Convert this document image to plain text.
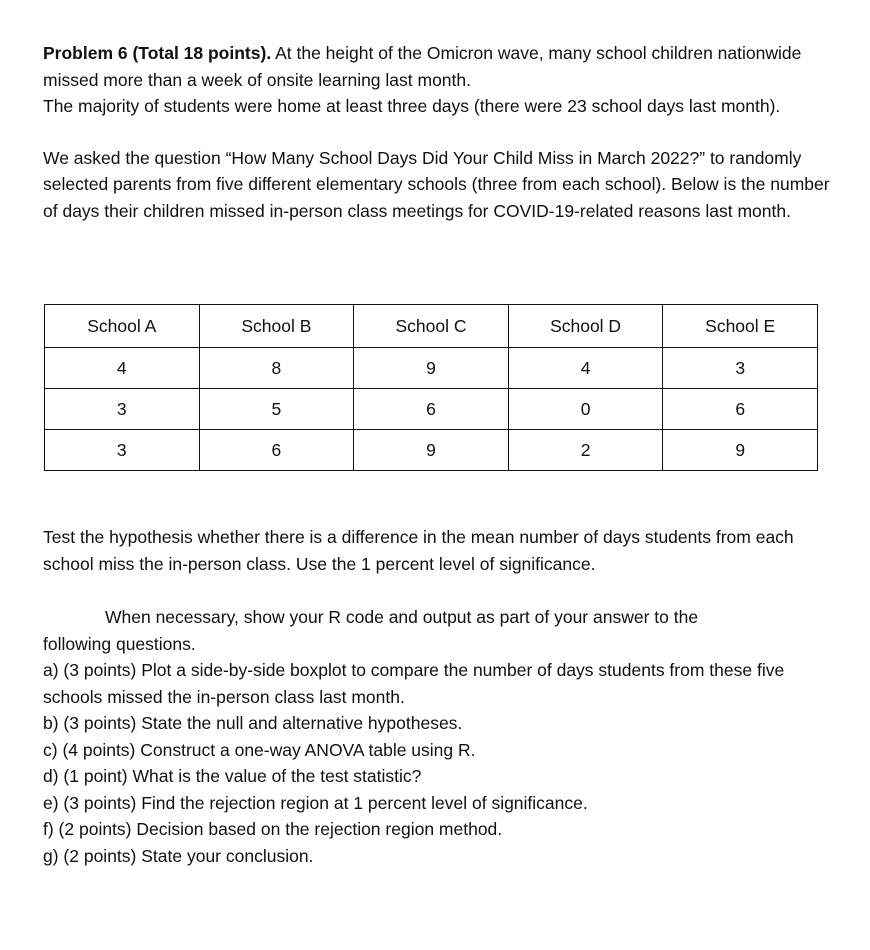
Problem 6 (Total 18 points). At the height of the Omicron wave, many school children nationwide missed more than a week of onsite learning last month.

The majority of students were home at least three days (there were 23 school days last month).

We asked the question “How Many School Days Did Your Child Miss in March 2022?” to randomly selected parents from five different elementary schools (three from each school). Below is the number of days their children missed in-person class meetings for COVID-19-related reasons last month.

School A	School B	School C	School D	School E
4	8	9	4	3
3	5	6	0	6
3	6	9	2	9

Test the hypothesis whether there is a difference in the mean number of days students from each school miss the in-person class. Use the 1 percent level of significance.

When necessary, show your R code and output as part of your answer to the

following questions.

a) (3 points) Plot a side-by-side boxplot to compare the number of days students from these five schools missed the in-person class last month.

b) (3 points) State the null and alternative hypotheses.

c) (4 points) Construct a one-way ANOVA table using R.

d) (1 point) What is the value of the test statistic?

e) (3 points) Find the rejection region at 1 percent level of significance.

f) (2 points) Decision based on the rejection region method.

g) (2 points) State your conclusion.
